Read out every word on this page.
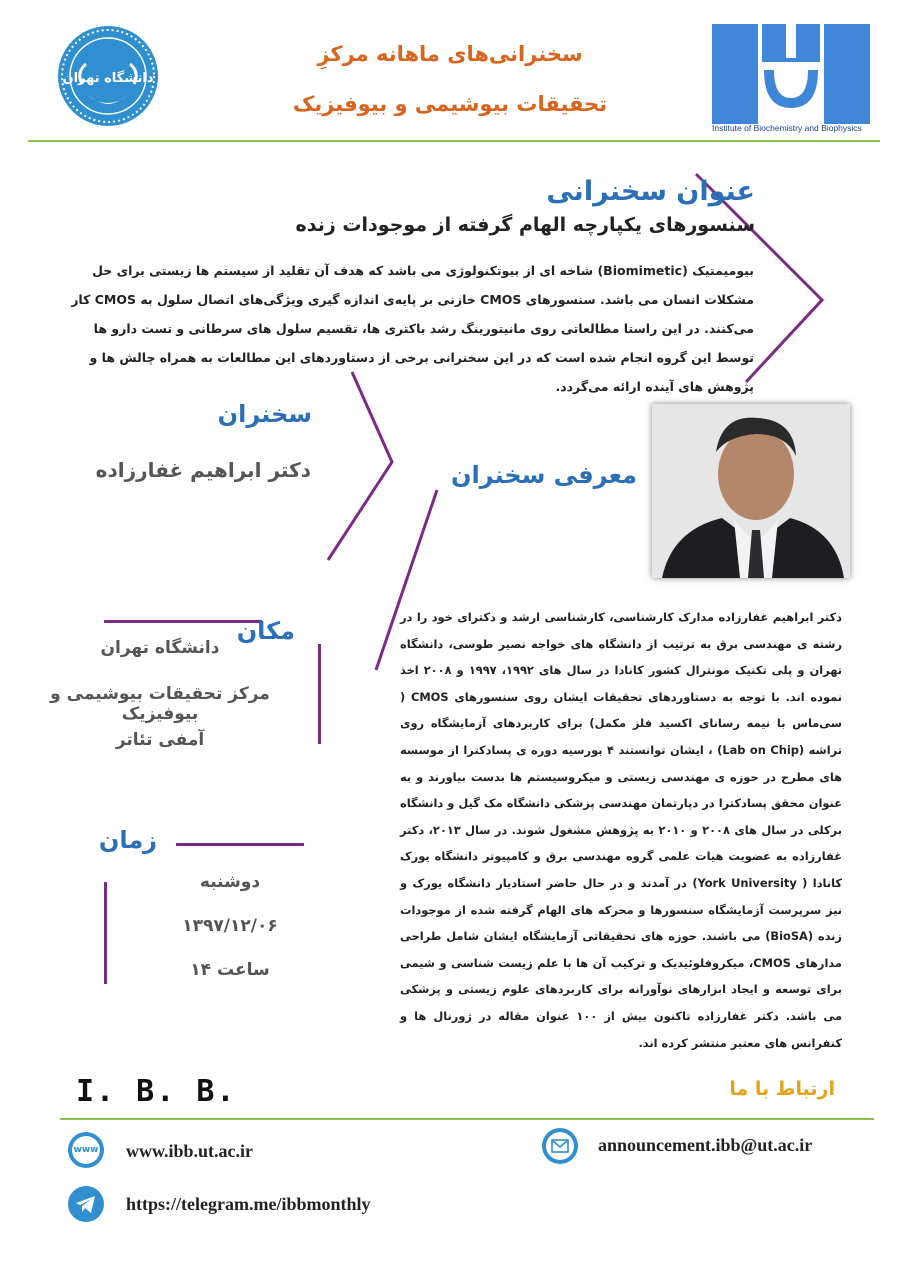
دانشگاه تهران
سخنرانی‌های ماهانه مرکزِ
تحقیقات بیوشیمی و بیوفیزیک
Institute of Biochemistry and Biophysics
عنوان سخنرانی
سنسورهای یکپارچه الهام گرفته از موجودات زنده
بیومیمتیک (Biomimetic) شاخه ای از بیوتکنولوژی می باشد که هدف آن تقلید از سیستم ها زیستی برای حل مشکلات انسان می باشد. سنسورهای CMOS خازنی بر پایه‌ی اندازه گیری ویژگی‌های اتصال سلول به CMOS کار می‌کنند. در این راستا مطالعاتی روی مانیتورینگ رشد باکتری ها، تقسیم سلول های سرطانی و تست دارو ها توسط این گروه انجام شده است که در این سخنرانی برخی از دستاوردهای این مطالعات به همراه چالش ها و پژوهش های آینده ارائه می‌گردد.
سخنران
دکتر ابراهیم غفارزاده	معرفی سخنران
دکتر ابراهیم غفارزاده مدارک کارشناسی، کارشناسی ارشد و دکترای خود را در رشته ی مهندسی برق به ترتیب از دانشگاه های خواجه نصیر طوسی، دانشگاه تهران و پلی تکنیک مونترال کشور کانادا در سال های ۱۹۹۲، ۱۹۹۷ و ۲۰۰۸ اخذ نموده اند. با توجه به دستاوردهای تحقیقات ایشان روی سنسورهای CMOS ( سی‌ماس با نیمه رسانای اکسید فلز مکمل) برای کاربردهای آزمایشگاه روی تراشه (Lab on Chip) ، ایشان توانستند ۴ بورسیه دوره ی پسادکترا از موسسه های مطرح در حوزه ی مهندسی زیستی و میکروسیستم ها بدست بیاورند و به عنوان محقق پسادکترا در دپارتمان مهندسی پزشکی دانشگاه مک گیل و دانشگاه برکلی در سال های ۲۰۰۸ و ۲۰۱۰ به پژوهش مشغول شوند. در سال ۲۰۱۳، دکتر غفارزاده به عضویت هیات علمی گروه مهندسی برق و کامپیوتر دانشگاه یورک کانادا ( York University) در آمدند و در حال حاضر استادیار دانشگاه یورک و نیز سرپرست آزمایشگاه سنسورها و محرکه های الهام گرفته شده از موجودات زنده (BioSA) می باشند. حوزه های تحقیقاتی آزمایشگاه ایشان شامل طراحی مدارهای CMOS، میکروفلوئیدیک و ترکیب آن ها با علم زیست شناسی و شیمی برای توسعه و ایجاد ابزارهای نوآورانه برای کاربردهای علوم زیستی و پزشکی می باشد. دکتر غفارزاده تاکنون بیش از ۱۰۰ عنوان مقاله در ژورنال ها و کنفرانس های معتبر منتشر کرده اند.
مکان
دانشگاه تهران
مرکز تحقیقات بیوشیمی و بیوفیزیک
آمفی تئاتر
زمان
دوشنبه
۱۳۹۷/۱۲/۰۶
ساعت ۱۴
I. B. B.	ارتباط با ما
www www.ibb.ut.ac.ir	announcement.ibb@ut.ac.ir
https://telegram.me/ibbmonthly
